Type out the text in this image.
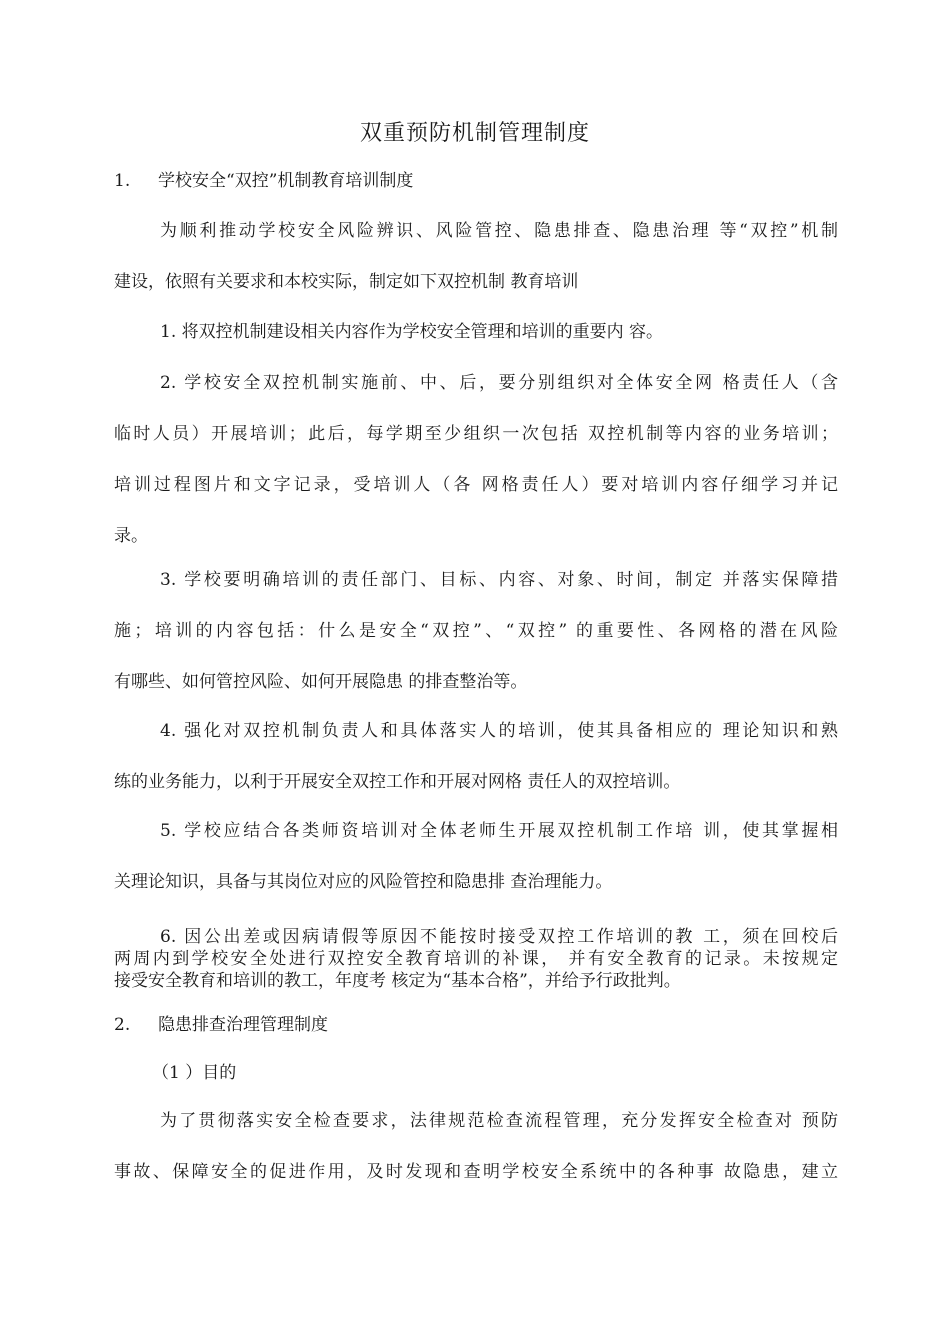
双重预防机制管理制度
1. 学校安全“双控”机制教育培训制度
为顺利推动学校安全风险辨识、风险管控、隐患排查、隐患治理 等“双控”机制
建设，依照有关要求和本校实际，制定如下双控机制 教育培训
1. 将双控机制建设相关内容作为学校安全管理和培训的重要内 容。
2. 学校安全双控机制实施前、中、后，要分别组织对全体安全网 格责任人（含
临时人员）开展培训；此后，每学期至少组织一次包括 双控机制等内容的业务培训；
培训过程图片和文字记录，受培训人（各 网格责任人）要对培训内容仔细学习并记
录。
3. 学校要明确培训的责任部门、目标、内容、对象、时间，制定 并落实保障措
施；培训的内容包括：什么是安全“双控”、“双控” 的重要性、各网格的潜在风险
有哪些、如何管控风险、如何开展隐患 的排查整治等。
4. 强化对双控机制负责人和具体落实人的培训，使其具备相应的 理论知识和熟
练的业务能力，以利于开展安全双控工作和开展对网格 责任人的双控培训。
5. 学校应结合各类师资培训对全体老师生开展双控机制工作培 训，使其掌握相
关理论知识，具备与其岗位对应的风险管控和隐患排 查治理能力。
6. 因公出差或因病请假等原因不能按时接受双控工作培训的教 工，须在回校后
两周内到学校安全处进行双控安全教育培训的补课， 并有安全教育的记录。未按规定
接受安全教育和培训的教工，年度考 核定为“基本合格”，并给予行政批判。
2. 隐患排查治理管理制度
（1 ）目的
为了贯彻落实安全检查要求，法律规范检查流程管理，充分发挥安全检查对 预防
事故、保障安全的促进作用，及时发现和查明学校安全系统中的各种事 故隐患，建立
